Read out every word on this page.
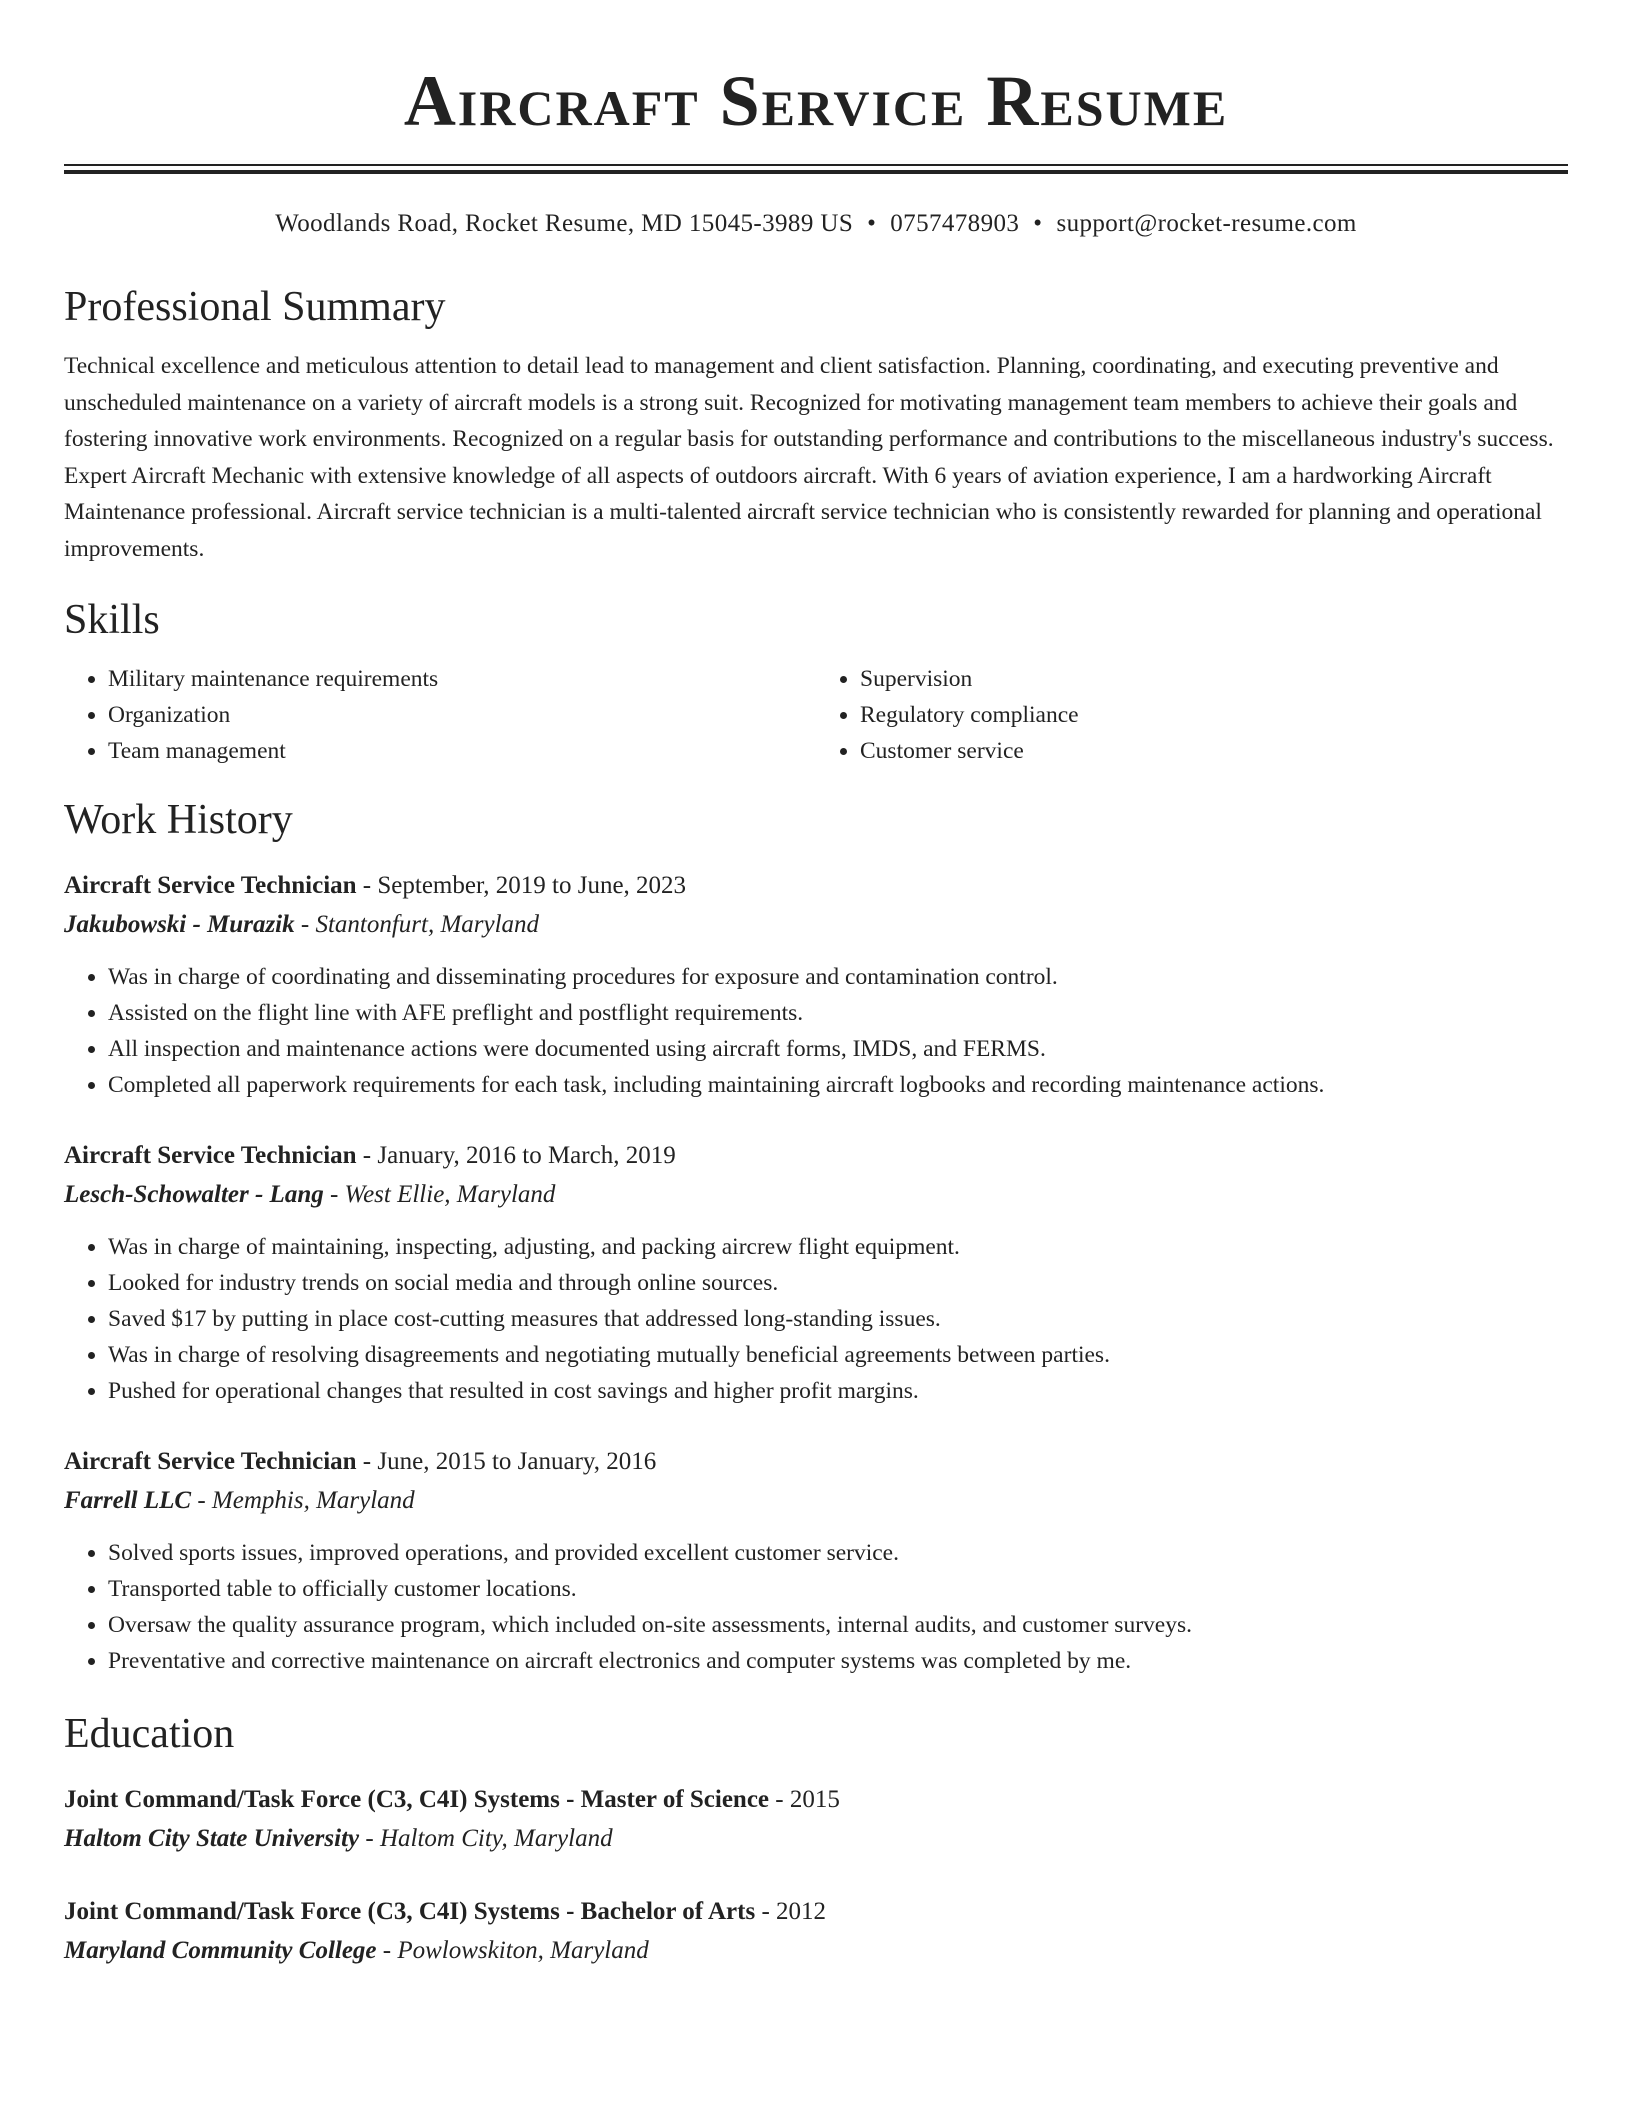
Aircraft Service Resume
Woodlands Road, Rocket Resume, MD 15045-3989 US • 0757478903 • support@rocket-resume.com
Professional Summary

Technical excellence and meticulous attention to detail lead to management and client satisfaction. Planning, coordinating, and executing preventive and unscheduled maintenance on a variety of aircraft models is a strong suit. Recognized for motivating management team members to achieve their goals and fostering innovative work environments. Recognized on a regular basis for outstanding performance and contributions to the miscellaneous industry's success. Expert Aircraft Mechanic with extensive knowledge of all aspects of outdoors aircraft. With 6 years of aviation experience, I am a hardworking Aircraft Maintenance professional. Aircraft service technician is a multi-talented aircraft service technician who is consistently rewarded for planning and operational improvements.

Skills
• Military maintenance requirements
• Organization
• Team management
• Supervision
• Regulatory compliance
• Customer service
Work History
Aircraft Service Technician - September, 2019 to June, 2023
Jakubowski - Murazik - Stantonfurt, Maryland
• Was in charge of coordinating and disseminating procedures for exposure and contamination control.
• Assisted on the flight line with AFE preflight and postflight requirements.
• All inspection and maintenance actions were documented using aircraft forms, IMDS, and FERMS.
• Completed all paperwork requirements for each task, including maintaining aircraft logbooks and recording maintenance actions.
Aircraft Service Technician - January, 2016 to March, 2019
Lesch-Schowalter - Lang - West Ellie, Maryland
• Was in charge of maintaining, inspecting, adjusting, and packing aircrew flight equipment.
• Looked for industry trends on social media and through online sources.
• Saved $17 by putting in place cost-cutting measures that addressed long-standing issues.
• Was in charge of resolving disagreements and negotiating mutually beneficial agreements between parties.
• Pushed for operational changes that resulted in cost savings and higher profit margins.
Aircraft Service Technician - June, 2015 to January, 2016
Farrell LLC - Memphis, Maryland
• Solved sports issues, improved operations, and provided excellent customer service.
• Transported table to officially customer locations.
• Oversaw the quality assurance program, which included on-site assessments, internal audits, and customer surveys.
• Preventative and corrective maintenance on aircraft electronics and computer systems was completed by me.
Education
Joint Command/Task Force (C3, C4I) Systems - Master of Science - 2015
Haltom City State University - Haltom City, Maryland
Joint Command/Task Force (C3, C4I) Systems - Bachelor of Arts - 2012
Maryland Community College - Powlowskiton, Maryland
